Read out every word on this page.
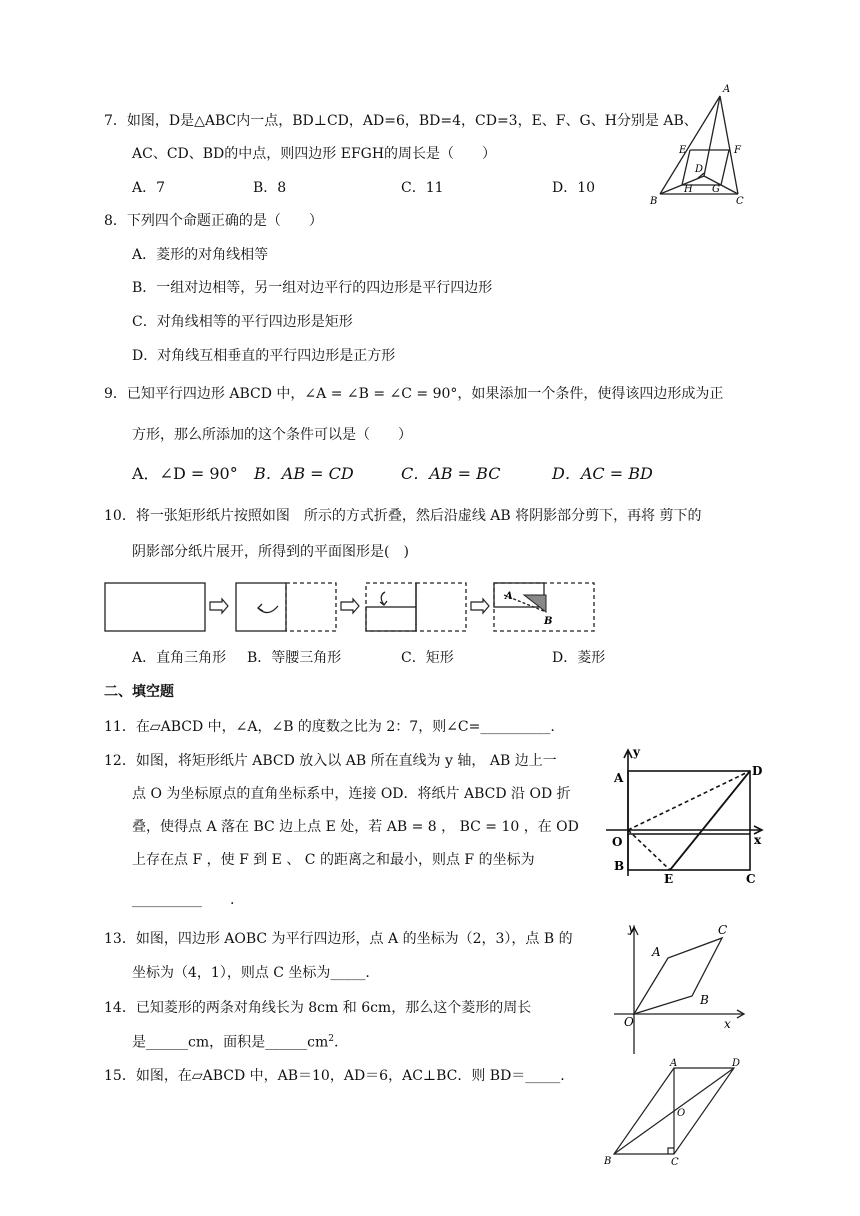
7．如图，D是△ABC内一点，BD⊥CD，AD=6，BD=4，CD=3，E、F、G、H分别是 AB、
AC、CD、BD的中点，则四边形 EFGH的周长是（　　）
A．7	B．8	C．11	D．10
A
E	F
D
H G
B	C
8．下列四个命题正确的是（　　）
A．菱形的对角线相等
B．一组对边相等，另一组对边平行的四边形是平行四边形
C．对角线相等的平行四边形是矩形
D．对角线互相垂直的平行四边形是正方形
9．已知平行四边形 ABCD 中，∠A = ∠B = ∠C = 90°，如果添加一个条件，使得该四边形成为正
方形，那么所添加的这个条件可以是（　　）
A．∠D = 90° B．AB = CD	C．AB = BC	D．AC = BD
10．将一张矩形纸片按照如图　所示的方式折叠，然后沿虚线 AB 将阴影部分剪下，再将 剪下的
阴影部分纸片展开，所得到的平面图形是(　)
A
B
A．直角三角形 B．等腰三角形	C．矩形	D．菱形
二、填空题
11．在▱ABCD 中，∠A，∠B 的度数之比为 2：7，则∠C=__________.
12．如图，将矩形纸片 ABCD 放入以 AB 所在直线为 y 轴， AB 边上一
点 O 为坐标原点的直角坐标系中，连接 OD．将纸片 ABCD 沿 OD 折
叠，使得点 A 落在 BC 边上点 E 处，若 AB = 8 ， BC = 10 ，在 OD
上存在点 F ，使 F 到 E 、 C 的距离之和最小，则点 F 的坐标为
__________　　.
y
A	D
O	x
B
E	C
13．如图，四边形 AOBC 为平行四边形，点 A 的坐标为（2，3），点 B 的
坐标为（4，1），则点 C 坐标为_____.
y	C
A
B
O	x
14．已知菱形的两条对角线长为 8cm 和 6cm，那么这个菱形的周长
是______cm，面积是$\_\_\_\_\_\_cm^2$.
15．如图，在▱ABCD 中，AB＝10，AD＝6，AC⊥BC．则 BD＝_____.
A	D
O
B	C
